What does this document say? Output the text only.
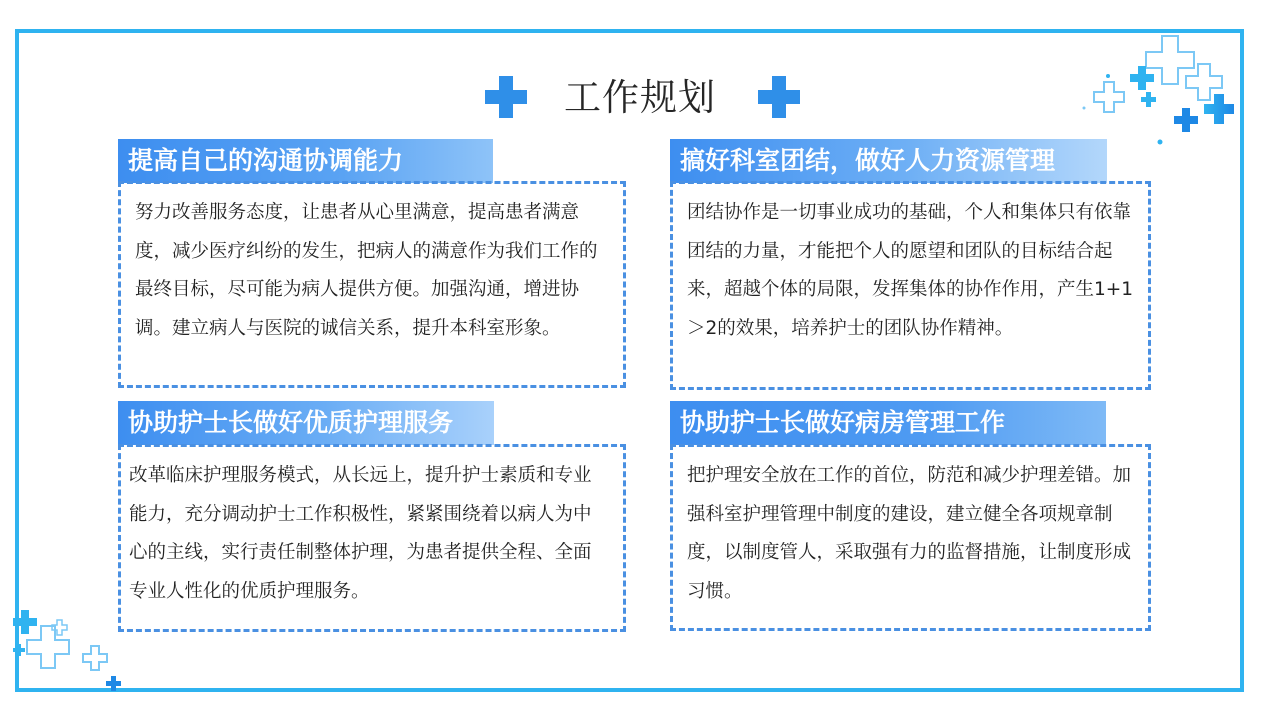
工作规划
提高自己的沟通协调能力
努力改善服务态度，让患者从心里满意，提高患者满意度，减少医疗纠纷的发生，把病人的满意作为我们工作的最终目标，尽可能为病人提供方便。加强沟通，增进协调。建立病人与医院的诚信关系，提升本科室形象。
搞好科室团结，做好人力资源管理
团结协作是一切事业成功的基础，个人和集体只有依靠团结的力量，才能把个人的愿望和团队的目标结合起来，超越个体的局限，发挥集体的协作作用，产生1+1＞2的效果，培养护士的团队协作精神。
协助护士长做好优质护理服务
改革临床护理服务模式，从长远上，提升护士素质和专业能力，充分调动护士工作积极性，紧紧围绕着以病人为中心的主线，实行责任制整体护理，为患者提供全程、全面专业人性化的优质护理服务。
协助护士长做好病房管理工作
把护理安全放在工作的首位，防范和减少护理差错。加强科室护理管理中制度的建设，建立健全各项规章制度，以制度管人，采取强有力的监督措施，让制度形成习惯。
